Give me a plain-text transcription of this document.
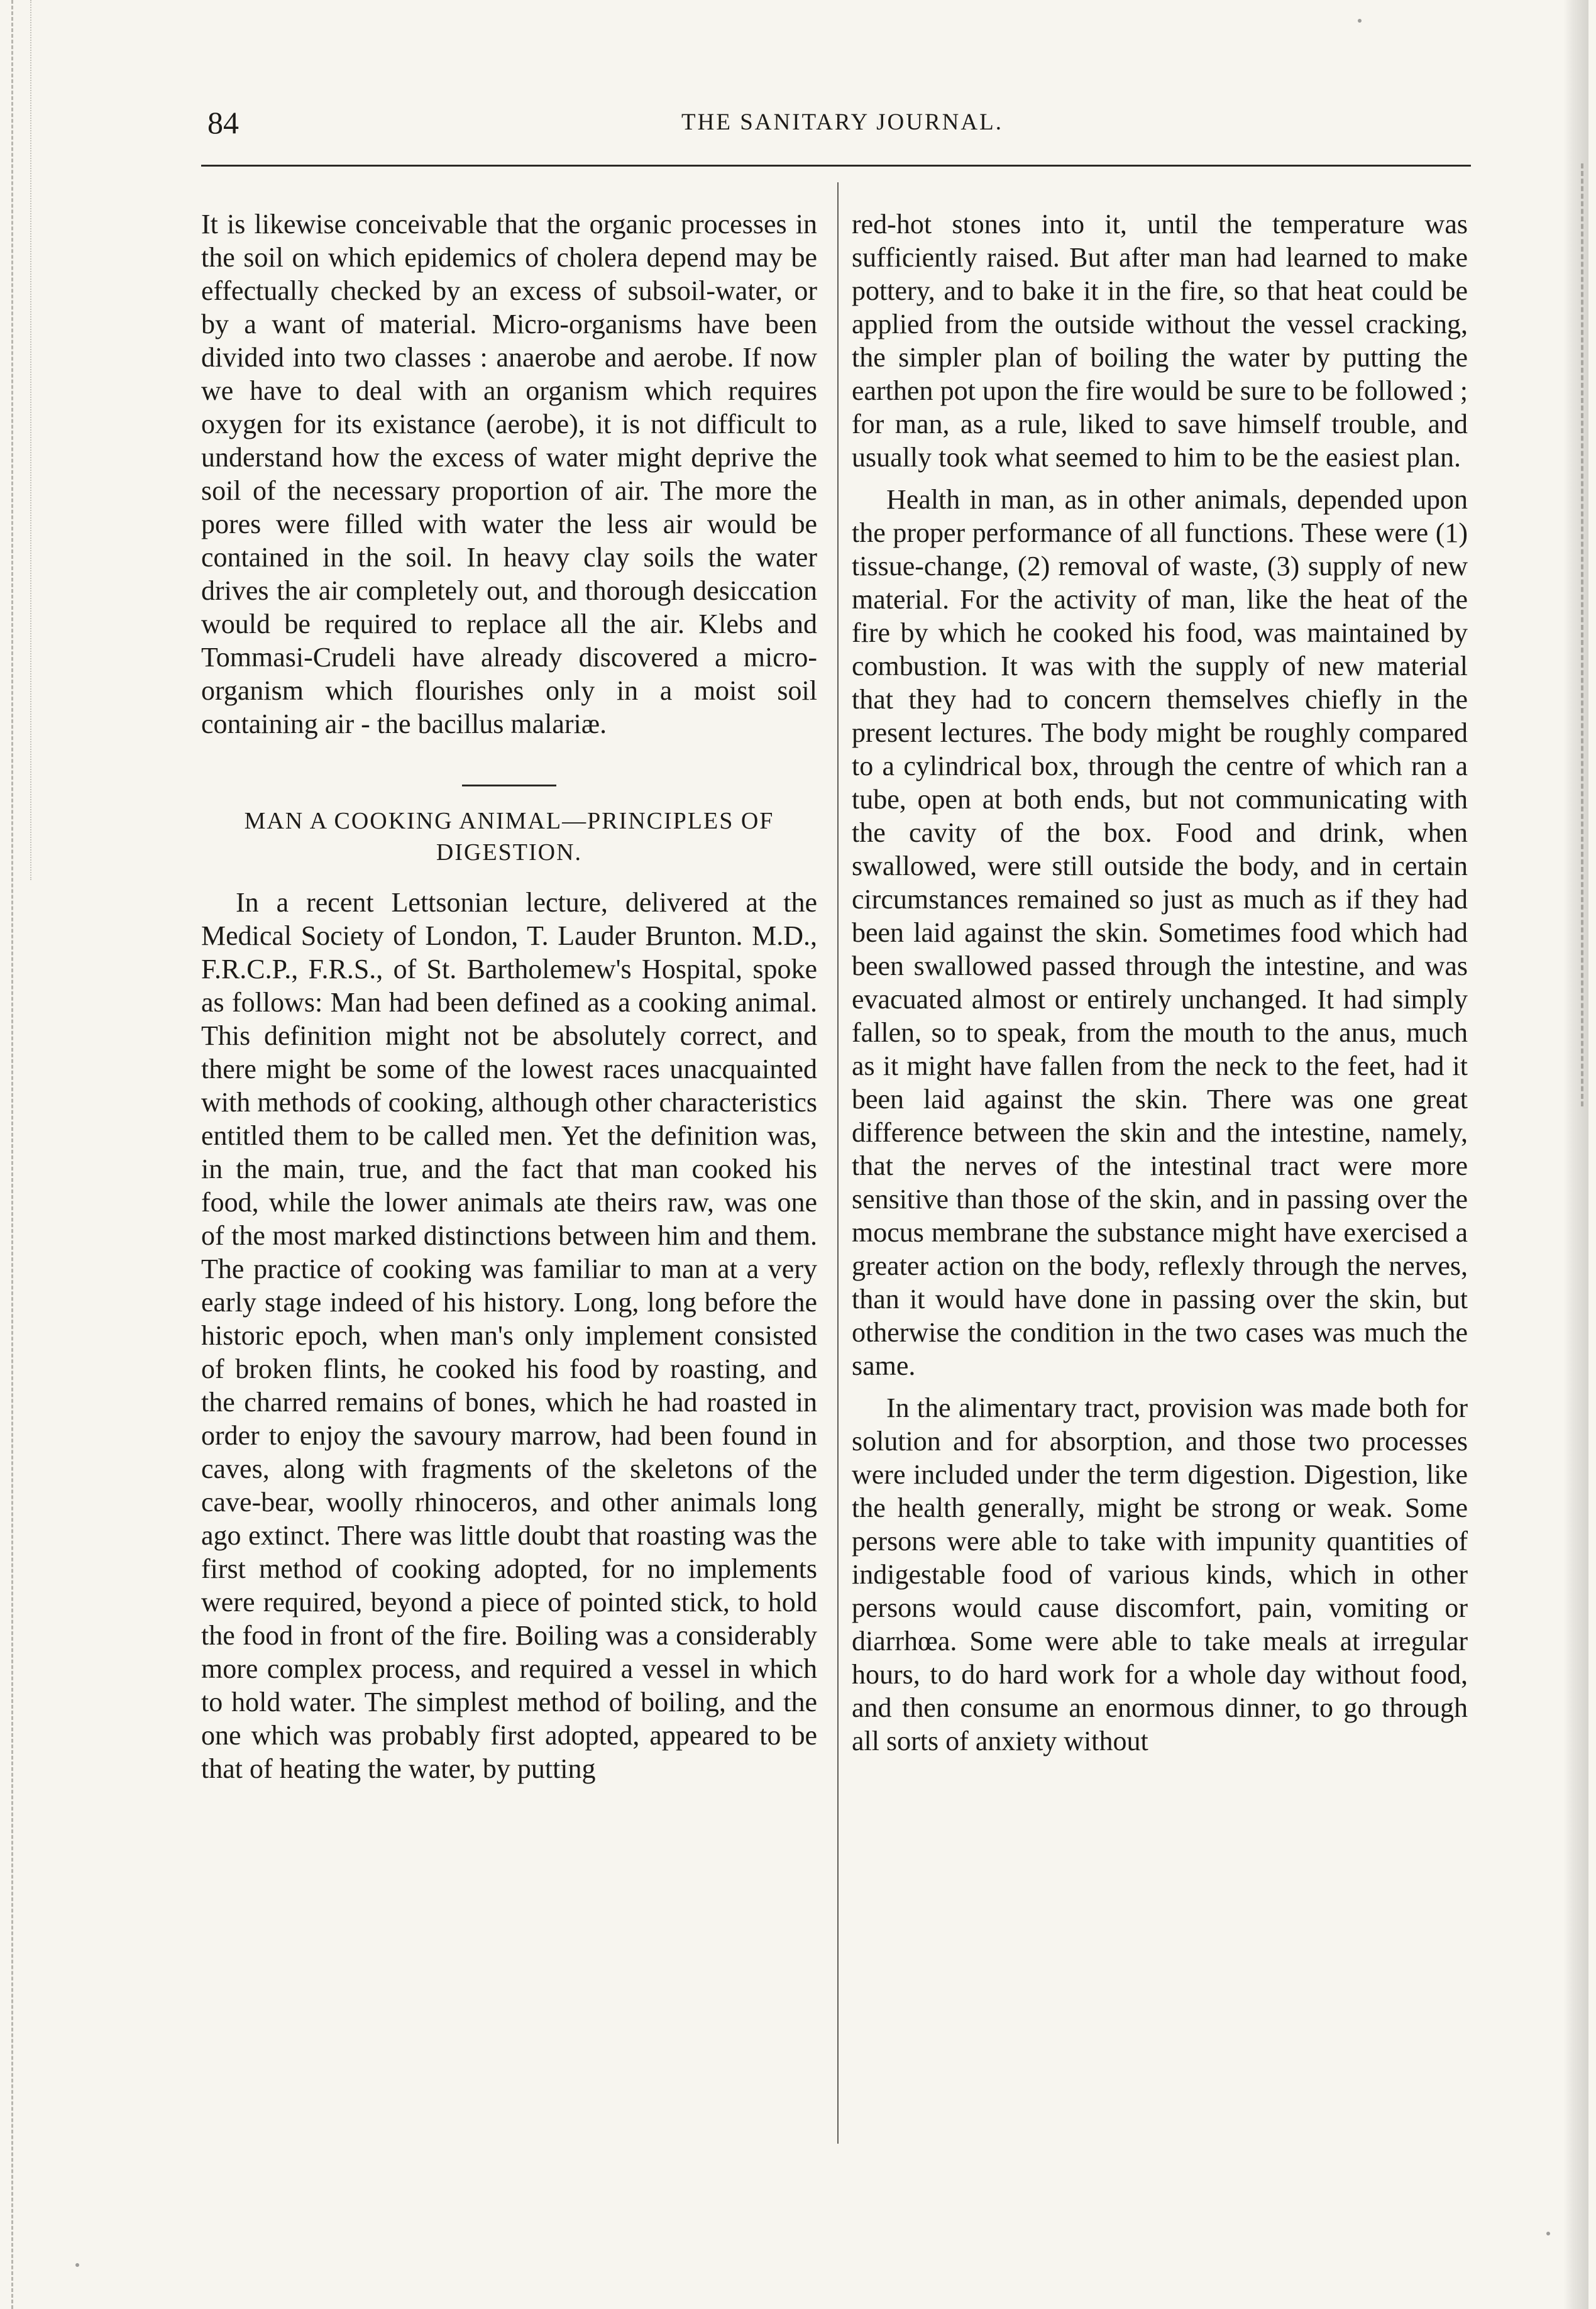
84	THE SANITARY JOURNAL.

It is likewise conceivable that the organic processes in the soil on which epidemics of cholera depend may be effectually checked by an excess of subsoil-water, or by a want of material. Micro-organisms have been divided into two classes : anaerobe and aerobe. If now we have to deal with an organism which requires oxygen for its existance (aerobe), it is not difficult to understand how the excess of water might deprive the soil of the necessary proportion of air. The more the pores were filled with water the less air would be contained in the soil. In heavy clay soils the water drives the air completely out, and thorough desiccation would be required to replace all the air. Klebs and Tommasi-Crudeli have already discovered a micro-organism which flourishes only in a moist soil containing air - the bacillus malariæ.

MAN A COOKING ANIMAL—PRINCIPLES OF DIGESTION.

In a recent Lettsonian lecture, delivered at the Medical Society of London, T. Lauder Brunton. M.D., F.R.C.P., F.R.S., of St. Bartholemew's Hospital, spoke as follows: Man had been defined as a cooking animal. This definition might not be absolutely correct, and there might be some of the lowest races unacquainted with methods of cooking, although other characteristics entitled them to be called men. Yet the definition was, in the main, true, and the fact that man cooked his food, while the lower animals ate theirs raw, was one of the most marked distinctions between him and them. The practice of cooking was familiar to man at a very early stage indeed of his history. Long, long before the historic epoch, when man's only implement consisted of broken flints, he cooked his food by roasting, and the charred remains of bones, which he had roasted in order to enjoy the savoury marrow, had been found in caves, along with fragments of the skeletons of the cave-bear, woolly rhinoceros, and other animals long ago extinct. There was little doubt that roasting was the first method of cooking adopted, for no implements were required, beyond a piece of pointed stick, to hold the food in front of the fire. Boiling was a considerably more complex process, and required a vessel in which to hold water. The simplest method of boiling, and the one which was probably first adopted, appeared to be that of heating the water, by putting

red-hot stones into it, until the temperature was sufficiently raised. But after man had learned to make pottery, and to bake it in the fire, so that heat could be applied from the outside without the vessel cracking, the simpler plan of boiling the water by putting the earthen pot upon the fire would be sure to be followed ; for man, as a rule, liked to save himself trouble, and usually took what seemed to him to be the easiest plan.

Health in man, as in other animals, depended upon the proper performance of all functions. These were (1) tissue-change, (2) removal of waste, (3) supply of new material. For the activity of man, like the heat of the fire by which he cooked his food, was maintained by combustion. It was with the supply of new material that they had to concern themselves chiefly in the present lectures. The body might be roughly compared to a cylindrical box, through the centre of which ran a tube, open at both ends, but not communicating with the cavity of the box. Food and drink, when swallowed, were still outside the body, and in certain circumstances remained so just as much as if they had been laid against the skin. Sometimes food which had been swallowed passed through the intestine, and was evacuated almost or entirely unchanged. It had simply fallen, so to speak, from the mouth to the anus, much as it might have fallen from the neck to the feet, had it been laid against the skin. There was one great difference between the skin and the intestine, namely, that the nerves of the intestinal tract were more sensitive than those of the skin, and in passing over the mocus membrane the substance might have exercised a greater action on the body, reflexly through the nerves, than it would have done in passing over the skin, but otherwise the condition in the two cases was much the same.

In the alimentary tract, provision was made both for solution and for absorption, and those two processes were included under the term digestion. Digestion, like the health generally, might be strong or weak. Some persons were able to take with impunity quantities of indigestable food of various kinds, which in other persons would cause discomfort, pain, vomiting or diarrhœa. Some were able to take meals at irregular hours, to do hard work for a whole day without food, and then consume an enormous dinner, to go through all sorts of anxiety without
